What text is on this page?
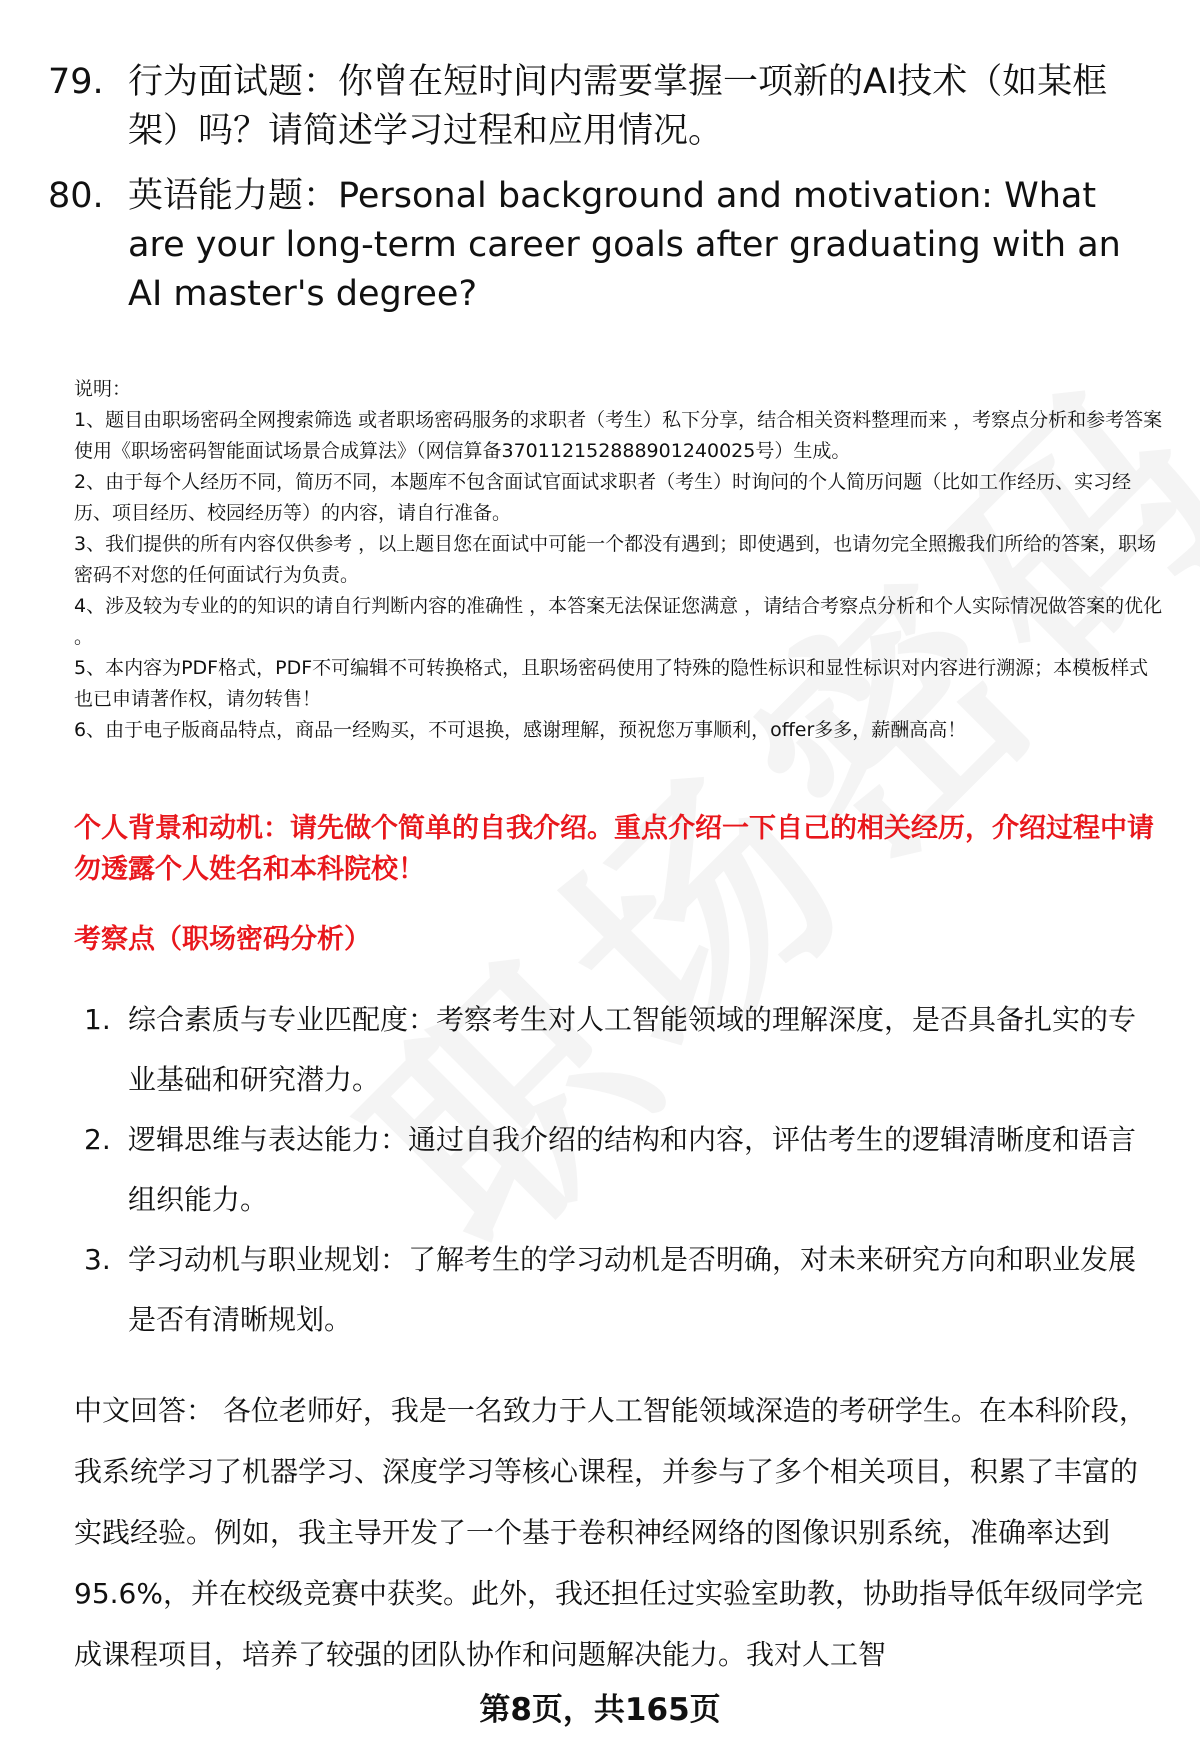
79. 行为面试题：你曾在短时间内需要掌握一项新的AI技术（如某框架）吗？请简述学习过程和应用情况。
80. 英语能力题：Personal background and motivation: What are your long-term career goals after graduating with an AI master's degree?
说明：
1、题目由职场密码全网搜索筛选 或者职场密码服务的求职者（考生）私下分享，结合相关资料整理而来 ，考察点分析和参考答案使用《职场密码智能面试场景合成算法》（网信算备370112152888901240025号）生成。
2、由于每个人经历不同，简历不同，本题库不包含面试官面试求职者（考生）时询问的个人简历问题（比如工作经历、实习经历、项目经历、校园经历等）的内容，请自行准备。
3、我们提供的所有内容仅供参考 ，以上题目您在面试中可能一个都没有遇到；即使遇到，也请勿完全照搬我们所给的答案，职场密码不对您的任何面试行为负责。
4、涉及较为专业的的知识的请自行判断内容的准确性 ，本答案无法保证您满意 ，请结合考察点分析和个人实际情况做答案的优化 。
5、本内容为PDF格式，PDF不可编辑不可转换格式，且职场密码使用了特殊的隐性标识和显性标识对内容进行溯源；本模板样式也已申请著作权，请勿转售！
6、由于电子版商品特点，商品一经购买，不可退换，感谢理解，预祝您万事顺利，offer多多，薪酬高高！
个人背景和动机：请先做个简单的自我介绍。重点介绍一下自己的相关经历，介绍过程中请勿透露个人姓名和本科院校！
考察点（职场密码分析）
1. 综合素质与专业匹配度：考察考生对人工智能领域的理解深度，是否具备扎实的专业基础和研究潜力。
2. 逻辑思维与表达能力：通过自我介绍的结构和内容，评估考生的逻辑清晰度和语言组织能力。
3. 学习动机与职业规划：了解考生的学习动机是否明确，对未来研究方向和职业发展是否有清晰规划。
中文回答： 各位老师好，我是一名致力于人工智能领域深造的考研学生。在本科阶段，我系统学习了机器学习、深度学习等核心课程，并参与了多个相关项目，积累了丰富的实践经验。例如，我主导开发了一个基于卷积神经网络的图像识别系统，准确率达到95.6%，并在校级竞赛中获奖。此外，我还担任过实验室助教，协助指导低年级同学完成课程项目，培养了较强的团队协作和问题解决能力。我对人工智
第8页，共165页
